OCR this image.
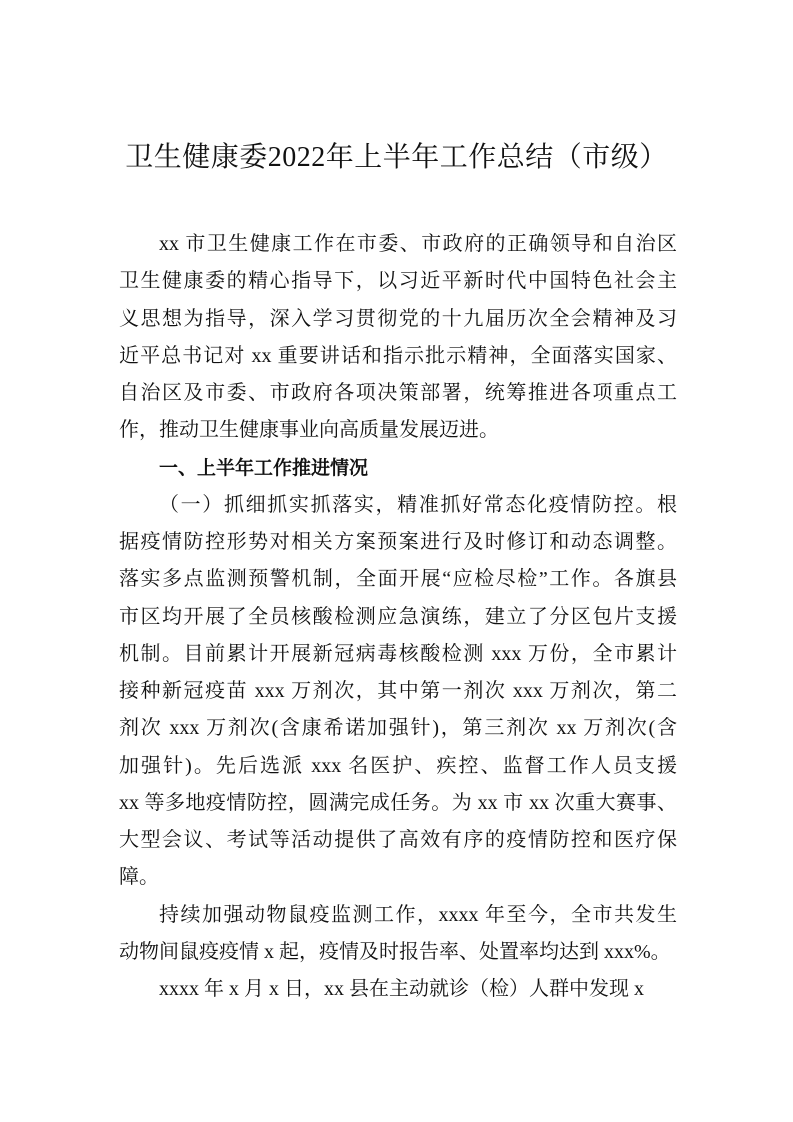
卫生健康委2022年上半年工作总结（市级）
xx 市卫生健康工作在市委、市政府的正确领导和自治区
卫生健康委的精心指导下，以习近平新时代中国特色社会主
义思想为指导，深入学习贯彻党的十九届历次全会精神及习
近平总书记对 xx 重要讲话和指示批示精神，全面落实国家、
自治区及市委、市政府各项决策部署，统筹推进各项重点工
作，推动卫生健康事业向高质量发展迈进。
一、上半年工作推进情况
（一）抓细抓实抓落实，精准抓好常态化疫情防控。根
据疫情防控形势对相关方案预案进行及时修订和动态调整。
落实多点监测预警机制，全面开展“应检尽检”工作。各旗县
市区均开展了全员核酸检测应急演练，建立了分区包片支援
机制。目前累计开展新冠病毒核酸检测 xxx 万份，全市累计
接种新冠疫苗 xxx 万剂次，其中第一剂次 xxx 万剂次，第二
剂次 xxx 万剂次(含康希诺加强针)，第三剂次 xx 万剂次(含
加强针)。先后选派 xxx 名医护、疾控、监督工作人员支援
xx 等多地疫情防控，圆满完成任务。为 xx 市 xx 次重大赛事、
大型会议、考试等活动提供了高效有序的疫情防控和医疗保
障。
持续加强动物鼠疫监测工作，xxxx 年至今，全市共发生
动物间鼠疫疫情 x 起，疫情及时报告率、处置率均达到 xxx%。
xxxx 年 x 月 x 日，xx 县在主动就诊（检）人群中发现 x
